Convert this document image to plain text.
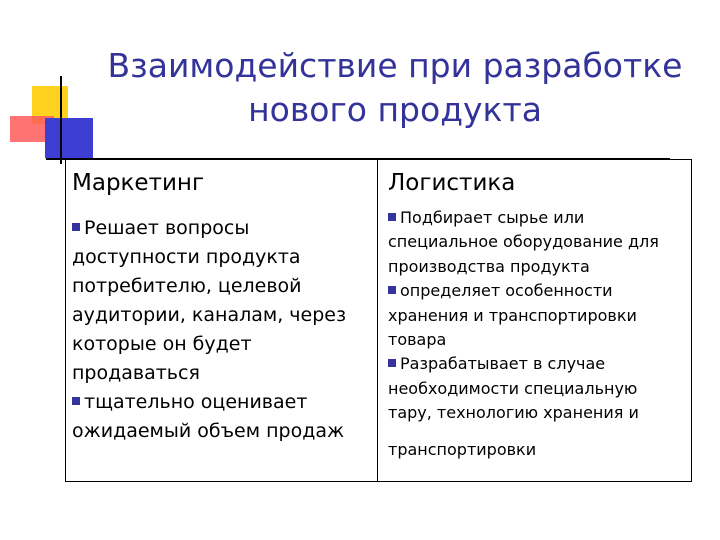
Взаимодействие при разработке
нового продукта
Маркетинг
Решает вопросы
доступности продукта
потребителю, целевой
аудитории, каналам, через
которые он будет
продаваться
тщательно оценивает
ожидаемый объем продаж
Логистика
Подбирает сырье или
специальное оборудование для
производства продукта
определяет особенности
хранения и транспортировки
товара
Разрабатывает в случае
необходимости специальную
тару, технологию хранения и
транспортировки
